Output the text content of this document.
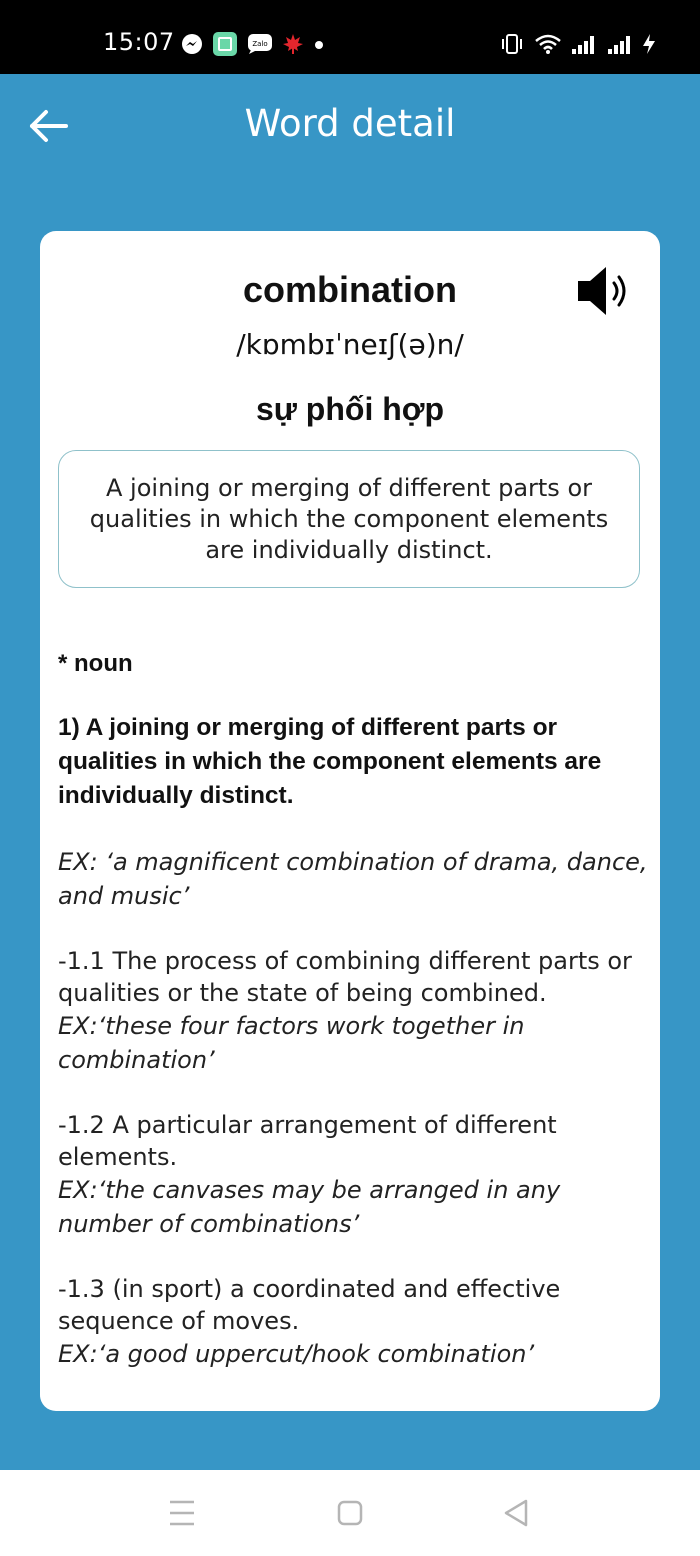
15:07	Zalo
Word detail
combination
/kɒmbɪˈneɪʃ(ə)n/
sự phối hợp
A joining or merging of different parts or qualities in which the component elements are individually distinct.

* noun

1) A joining or merging of different parts or qualities in which the component elements are individually distinct.
EX: ‘a magnificent combination of drama, dance, and music’
-1.1 The process of combining different parts or qualities or the state of being combined.
EX:‘these four factors work together in combination’
-1.2 A particular arrangement of different elements.
EX:‘the canvases may be arranged in any number of combinations’
-1.3 (in sport) a coordinated and effective sequence of moves.
EX:‘a good uppercut/hook combination’
